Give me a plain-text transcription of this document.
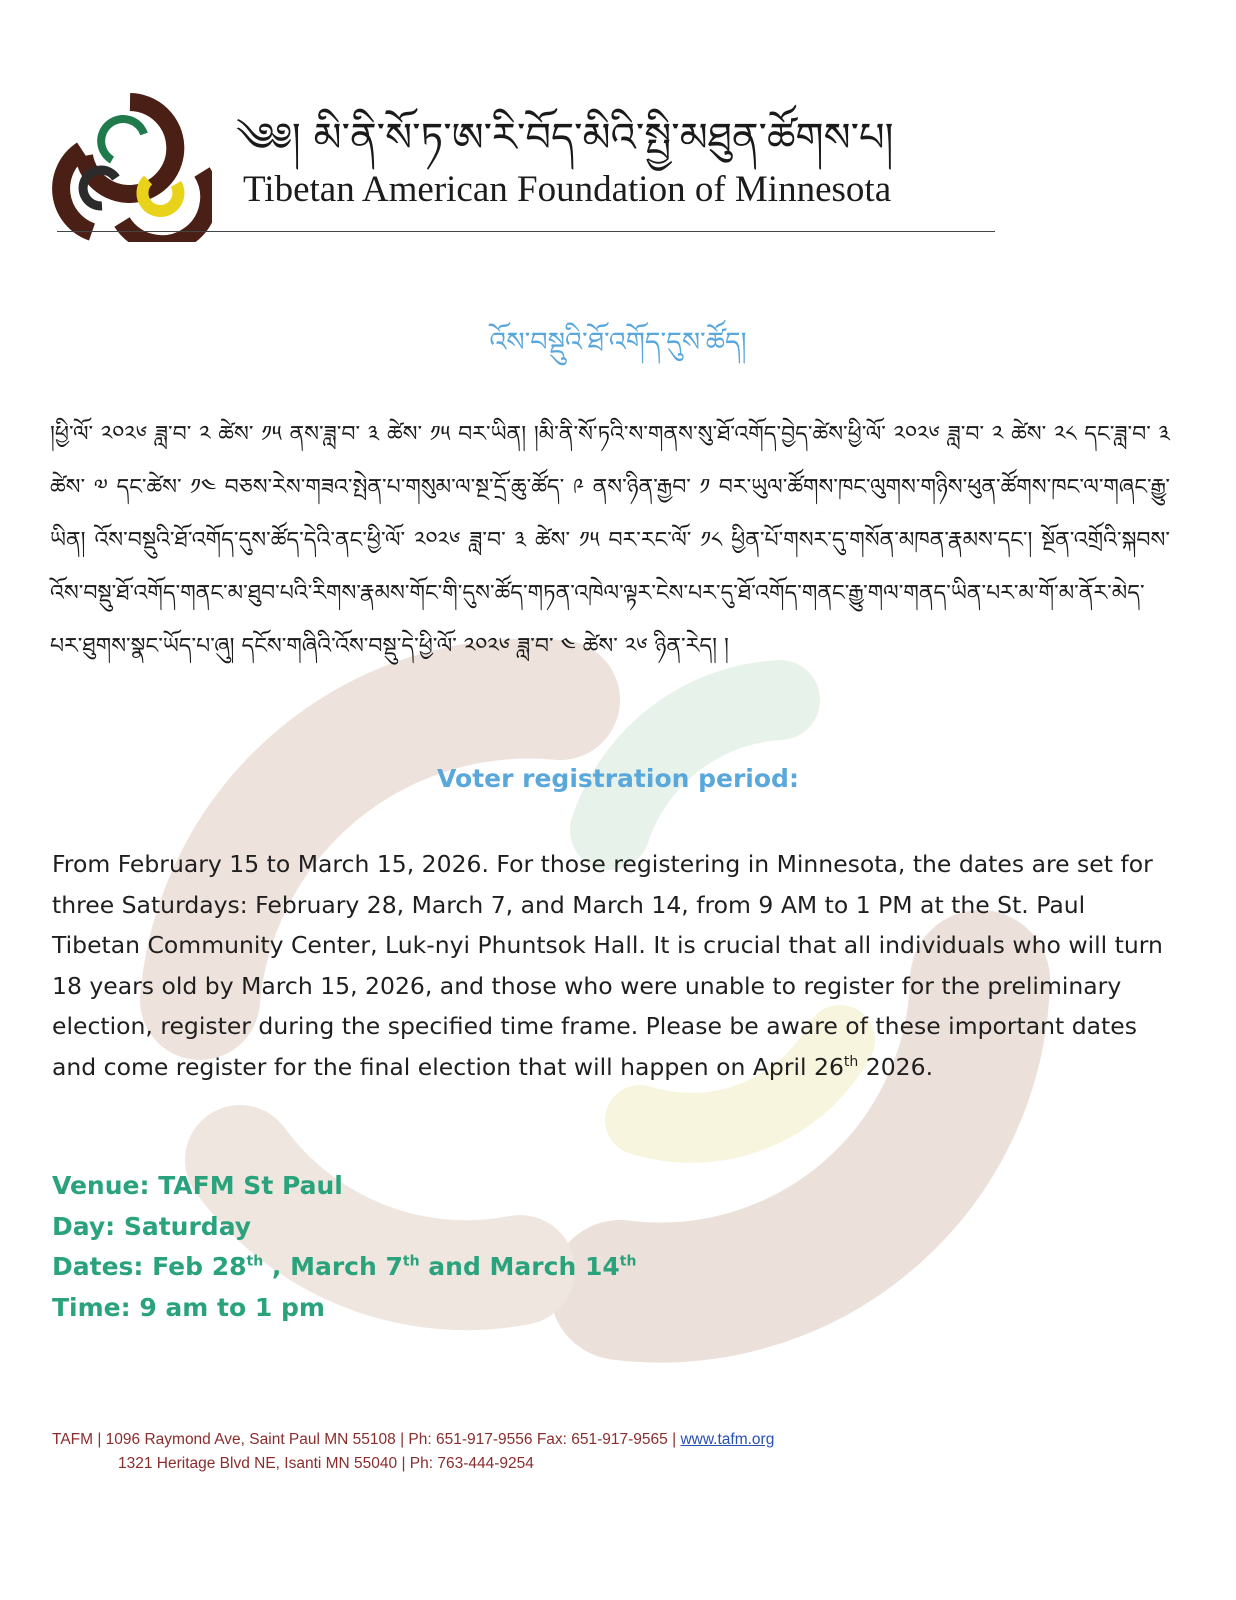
༄༅། མི་ནི་སོ་ཏ་ཨ་རི་བོད་མིའི་སྤྱི་མཐུན་ཚོགས་པ།
Tibetan American Foundation of Minnesota
འོས་བསྡུའི་ཐོ་འགོད་དུས་ཚོད།

།ཕྱི་ལོ་ ༢༠༢༦ ཟླ་བ་ ༢ ཚེས་ ༡༥ ནས་ཟླ་བ་ ༣ ཚེས་ ༡༥ བར་ཡིན། །མི་ནི་སོ་ཏའི་ས་གནས་སུ་ཐོ་འགོད་བྱེད་ཚེས་ཕྱི་ལོ་ ༢༠༢༦ ཟླ་བ་ ༢ ཚེས་ ༢༨ དང་ཟླ་བ་ ༣ ཚེས་ ༧ དང་ཚེས་ ༡༤ བཅས་རེས་གཟའ་སྤེན་པ་གསུམ་ལ་སྔ་དྲོ་ཆུ་ཚོད་ ༩ ནས་ཉིན་རྒྱབ་ ༡ བར་ཡུལ་ཚོགས་ཁང་ལུགས་གཉིས་ཕུན་ཚོགས་ཁང་ལ་གཞང་རྒྱུ་ཡིན། འོས་བསྡུའི་ཐོ་འགོད་དུས་ཚོད་དེའི་ནང་ཕྱི་ལོ་ ༢༠༢༦ ཟླ་བ་ ༣ ཚེས་ ༡༥ བར་རང་ལོ་ ༡༨ ཕྱིན་པོ་གསར་དུ་གསོན་མཁན་རྣམས་དང་། སྔོན་འགྲོའི་སྐབས་འོས་བསྡུ་ཐོ་འགོད་གནང་མ་ཐུབ་པའི་རིགས་རྣམས་གོང་གི་དུས་ཚོད་གཏན་འཁེལ་ལྟར་ངེས་པར་དུ་ཐོ་འགོད་གནང་རྒྱུ་གལ་གནད་ཡིན་པར་མ་གོ་མ་ནོར་མེད་པར་ཐུགས་སྣང་ཡོད་པ་ཞུ། དངོས་གཞིའི་འོས་བསྡུ་དེ་ཕྱི་ལོ་ ༢༠༢༦ ཟླ་བ་ ༤ ཚེས་ ༢༦ ཉིན་རེད། །

Voter registration period:

From February 15 to March 15, 2026. For those registering in Minnesota, the dates are set for three Saturdays: February 28, March 7, and March 14, from 9 AM to 1 PM at the St. Paul Tibetan Community Center, Luk-nyi Phuntsok Hall. It is crucial that all individuals who will turn 18 years old by March 15, 2026, and those who were unable to register for the preliminary election, register during the specified time frame. Please be aware of these important dates and come register for the final election that will happen on April 26th 2026.

Venue: TAFM St Paul
Day: Saturday
Dates: Feb 28th , March 7th and March 14th
Time: 9 am to 1 pm
TAFM | 1096 Raymond Ave, Saint Paul MN 55108 | Ph: 651-917-9556 Fax: 651-917-9565 | www.tafm.org
1321 Heritage Blvd NE, Isanti MN 55040 | Ph: 763-444-9254
